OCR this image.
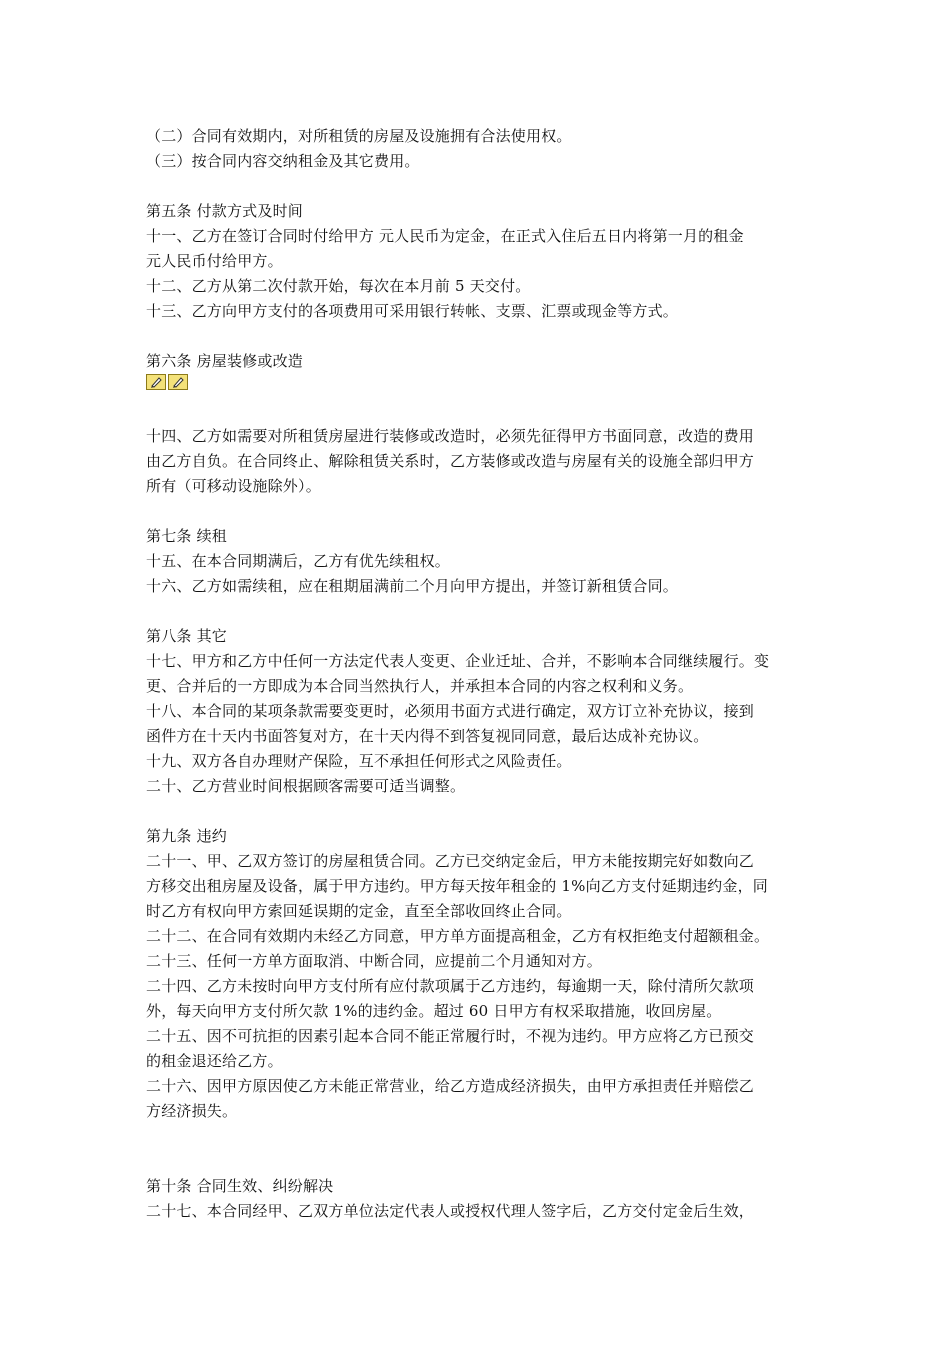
（二）合同有效期内，对所租赁的房屋及设施拥有合法使用权。
（三）按合同内容交纳租金及其它费用。
第五条 付款方式及时间
十一、乙方在签订合同时付给甲方 元人民币为定金，在正式入住后五日内将第一月的租金
元人民币付给甲方。
十二、乙方从第二次付款开始，每次在本月前 5 天交付。
十三、乙方向甲方支付的各项费用可采用银行转帐、支票、汇票或现金等方式。
第六条 房屋装修或改造
十四、乙方如需要对所租赁房屋进行装修或改造时，必须先征得甲方书面同意，改造的费用
由乙方自负。在合同终止、解除租赁关系时，乙方装修或改造与房屋有关的设施全部归甲方
所有（可移动设施除外）。
第七条 续租
十五、在本合同期满后，乙方有优先续租权。
十六、乙方如需续租，应在租期届满前二个月向甲方提出，并签订新租赁合同。
第八条 其它
十七、甲方和乙方中任何一方法定代表人变更、企业迁址、合并，不影响本合同继续履行。变
更、合并后的一方即成为本合同当然执行人，并承担本合同的内容之权利和义务。
十八、本合同的某项条款需要变更时，必须用书面方式进行确定，双方订立补充协议，接到
函件方在十天内书面答复对方，在十天内得不到答复视同同意，最后达成补充协议。
十九、双方各自办理财产保险，互不承担任何形式之风险责任。
二十、乙方营业时间根据顾客需要可适当调整。
第九条 违约
二十一、甲、乙双方签订的房屋租赁合同。乙方已交纳定金后，甲方未能按期完好如数向乙
方移交出租房屋及设备，属于甲方违约。甲方每天按年租金的 1%向乙方支付延期违约金，同
时乙方有权向甲方索回延误期的定金，直至全部收回终止合同。
二十二、在合同有效期内未经乙方同意，甲方单方面提高租金，乙方有权拒绝支付超额租金。
二十三、任何一方单方面取消、中断合同，应提前二个月通知对方。
二十四、乙方未按时向甲方支付所有应付款项属于乙方违约，每逾期一天，除付清所欠款项
外，每天向甲方支付所欠款 1%的违约金。超过 60 日甲方有权采取措施，收回房屋。
二十五、因不可抗拒的因素引起本合同不能正常履行时，不视为违约。甲方应将乙方已预交
的租金退还给乙方。
二十六、因甲方原因使乙方未能正常营业，给乙方造成经济损失，由甲方承担责任并赔偿乙
方经济损失。
第十条 合同生效、纠纷解决
二十七、本合同经甲、乙双方单位法定代表人或授权代理人签字后，乙方交付定金后生效，
